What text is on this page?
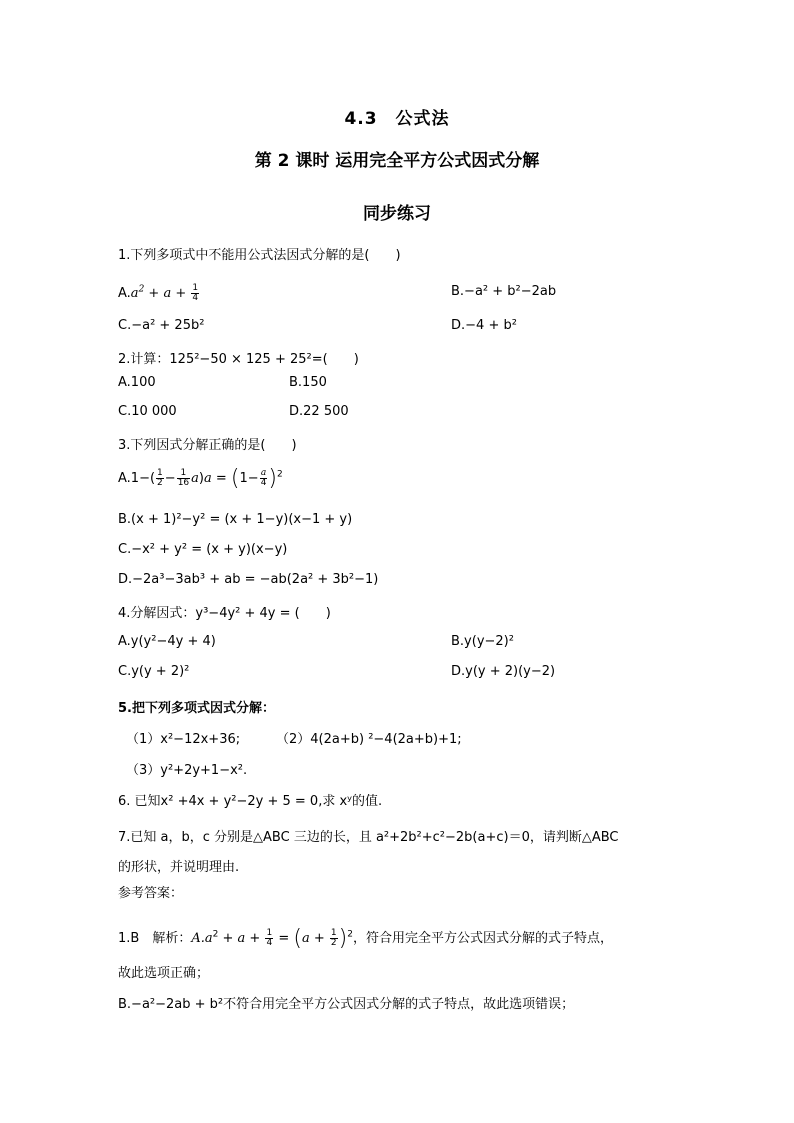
4.3　公式法
第 2 课时 运用完全平方公式因式分解
同步练习
1.下列多项式中不能用公式法因式分解的是(　　)
$A.a^2 + a + \frac{1}{4}$	B.−a² + b²−2ab
C.−a² + 25b²	D.−4 + b²
2.计算：125²−50 × 125 + 25²=(　　)
A.100	B.150
C.10 000	D.22 500
3.下列因式分解正确的是(　　)
$A.1-( \frac{1}{2} - \frac{1}{16} a)a = (1- \frac{a}{4} )^2$
B.(x + 1)²−y² = (x + 1−y)(x−1 + y)
C.−x² + y² = (x + y)(x−y)
D.−2a³−3ab³ + ab = −ab(2a² + 3b²−1)
4.分解因式：y³−4y² + 4y = (　　)
A.y(y²−4y + 4)	B.y(y−2)²
C.y(y + 2)²	D.y(y + 2)(y−2)
5.把下列多项式因式分解：
（1）x²−12x+36;	（2）4(2a+b) ²−4(2a+b)+1;
（3）y²+2y+1−x².
6. 已知x² +4x + y²−2y + 5 = 0,求 xʸ的值.
7.已知 a，b，c 分别是△ABC 三边的长，且 a²+2b²+c²−2b(a+c)＝0，请判断△ABC
的形状，并说明理由.
参考答案：
1.B　解析：$A.a^2 + a + \frac{1}{4} = (a + \frac{1}{2} )^2$，符合用完全平方公式因式分解的式子特点，
故此选项正确；
B.−a²−2ab + b²不符合用完全平方公式因式分解的式子特点，故此选项错误；
